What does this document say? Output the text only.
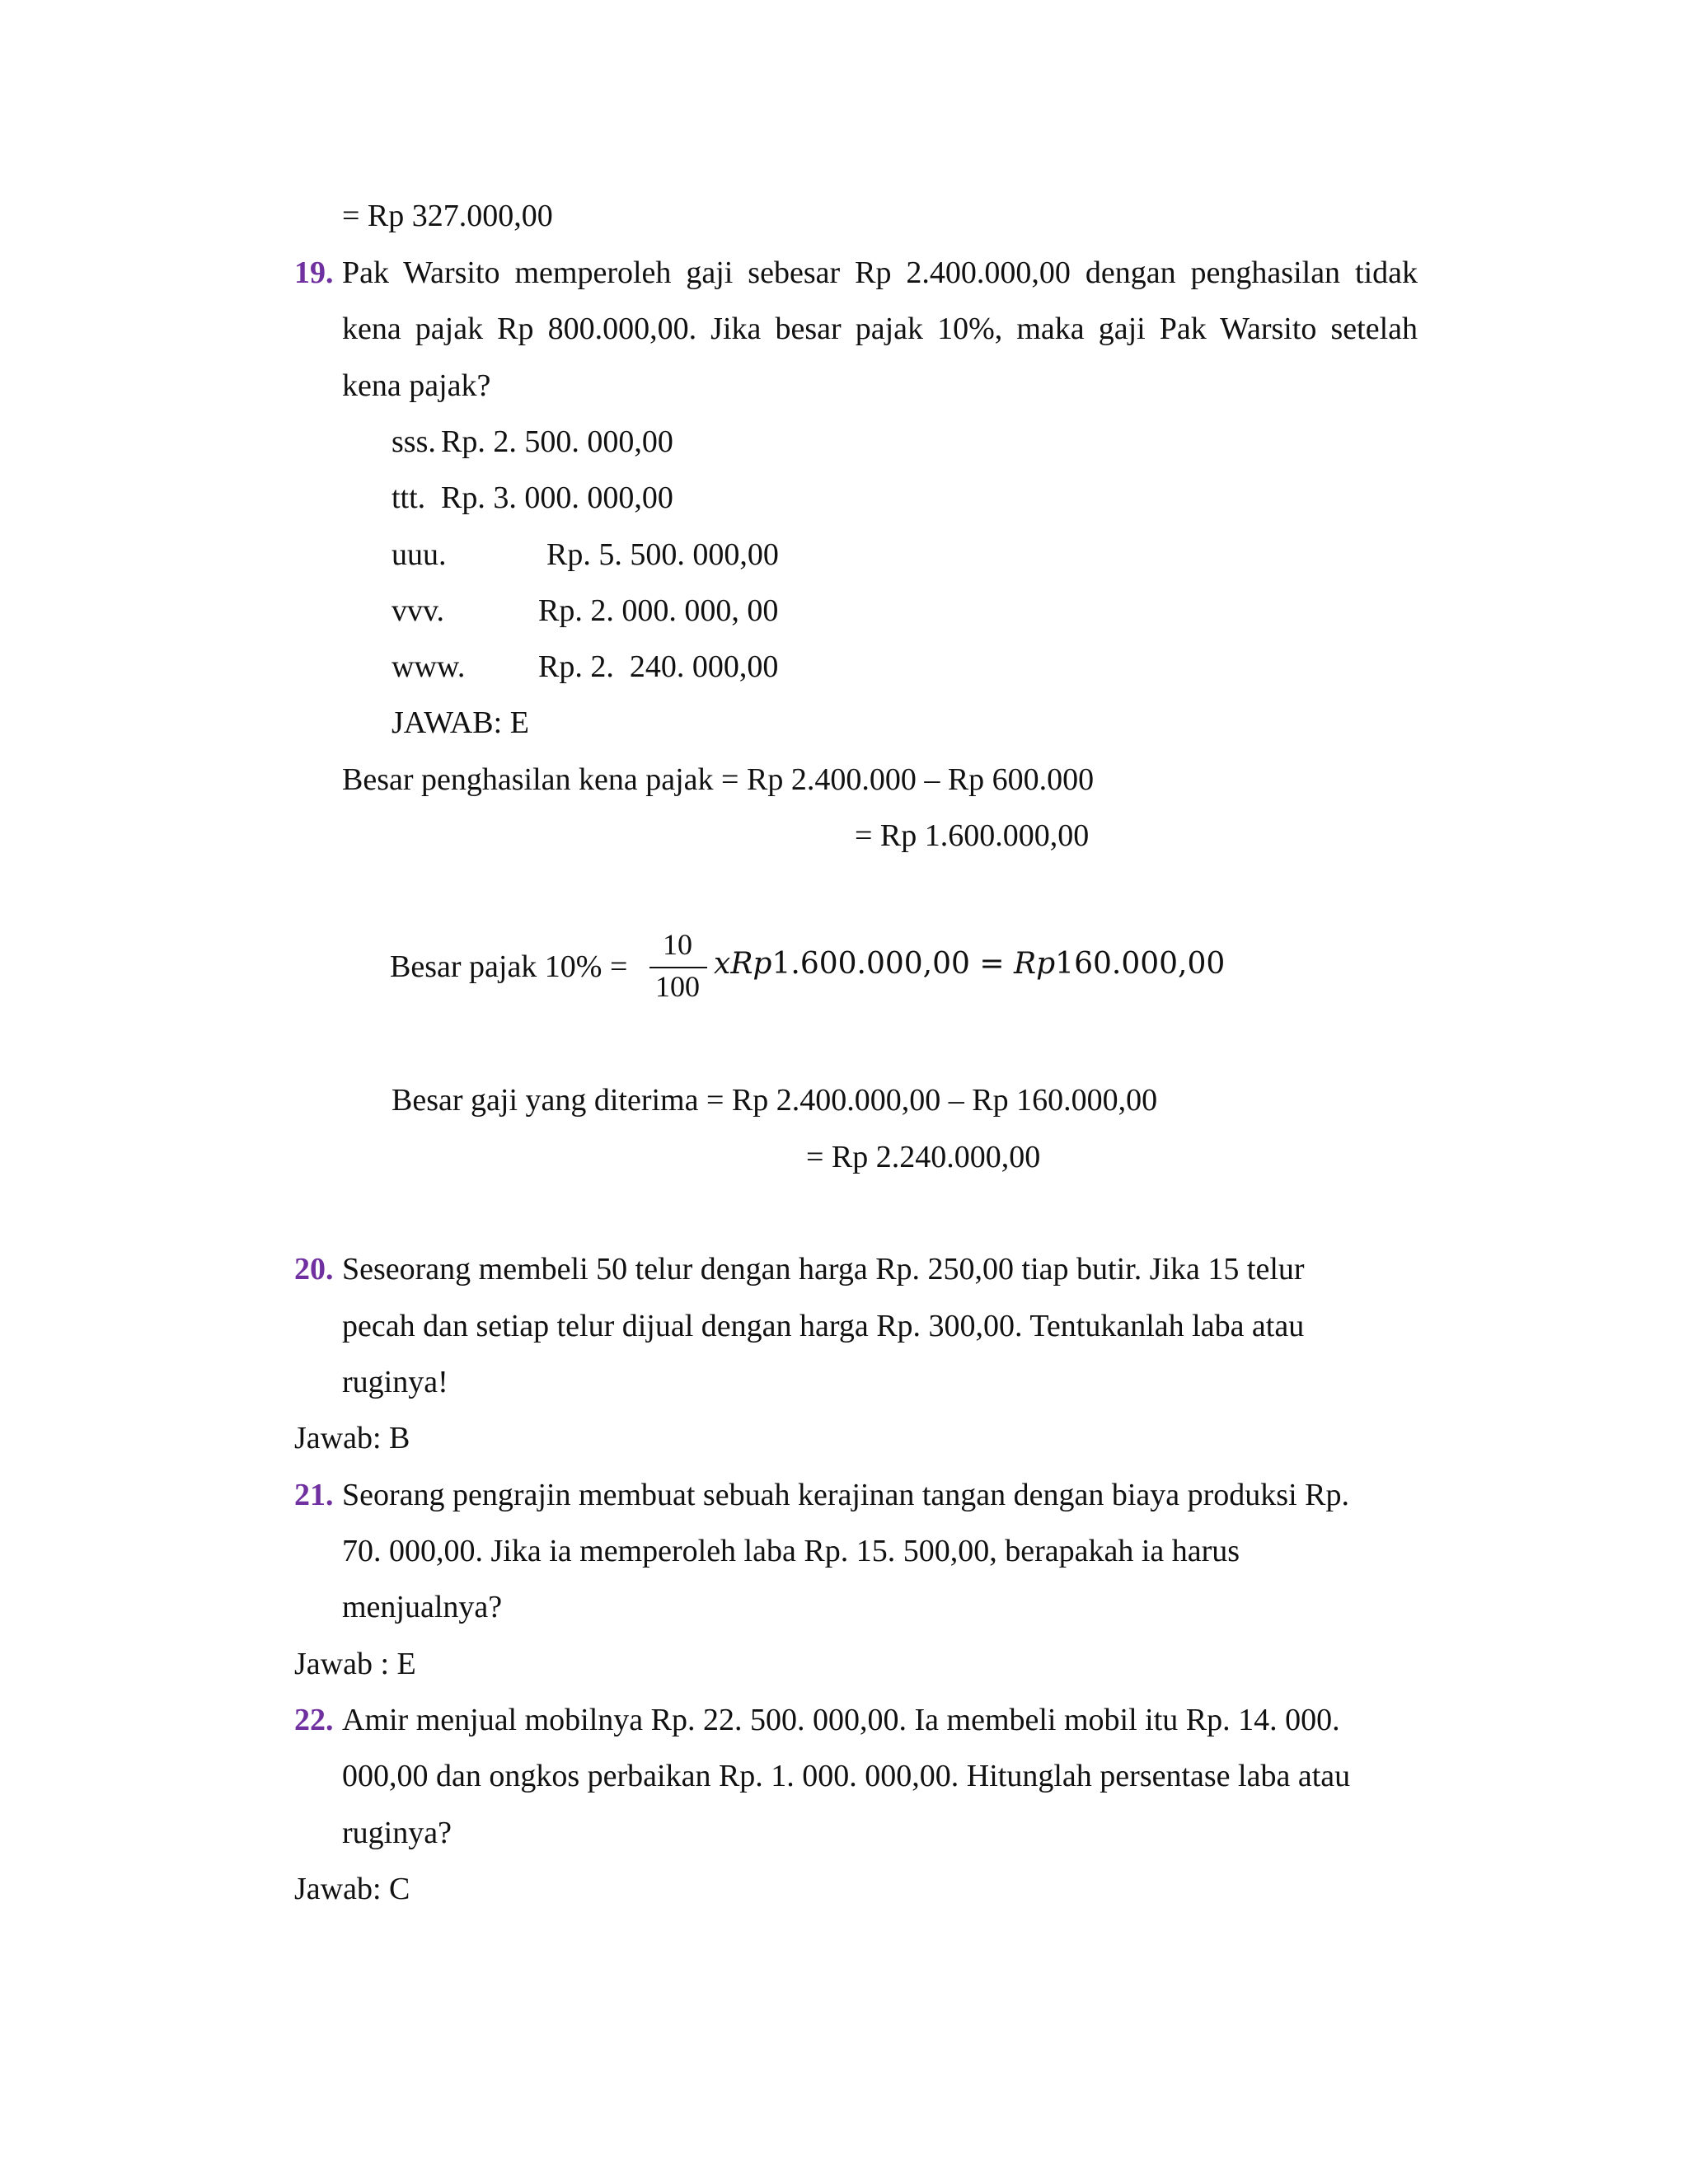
= Rp 327.000,00
19. Pak Warsito memperoleh gaji sebesar Rp 2.400.000,00 dengan penghasilan tidak
kena pajak Rp 800.000,00. Jika besar pajak 10%, maka gaji Pak Warsito setelah
kena pajak?
sss. Rp. 2. 500. 000,00
ttt. Rp. 3. 000. 000,00
uuu.	Rp. 5. 500. 000,00
vvv.	Rp. 2. 000. 000, 00
www. Rp. 2.  240. 000,00
JAWAB: E
Besar penghasilan kena pajak = Rp 2.400.000 – Rp 600.000
= Rp 1.600.000,00
Besar pajak 10% =
10
100
xRp1.600.000,00 = Rp160.000,00
Besar gaji yang diterima = Rp 2.400.000,00 – Rp 160.000,00
= Rp 2.240.000,00
20. Seseorang membeli 50 telur dengan harga Rp. 250,00 tiap butir. Jika 15 telur
pecah dan setiap telur dijual dengan harga Rp. 300,00. Tentukanlah laba atau
ruginya!
Jawab: B
21. Seorang pengrajin membuat sebuah kerajinan tangan dengan biaya produksi Rp.
70. 000,00. Jika ia memperoleh laba Rp. 15. 500,00, berapakah ia harus
menjualnya?
Jawab : E
22. Amir menjual mobilnya Rp. 22. 500. 000,00. Ia membeli mobil itu Rp. 14. 000.
000,00 dan ongkos perbaikan Rp. 1. 000. 000,00. Hitunglah persentase laba atau
ruginya?
Jawab: C
